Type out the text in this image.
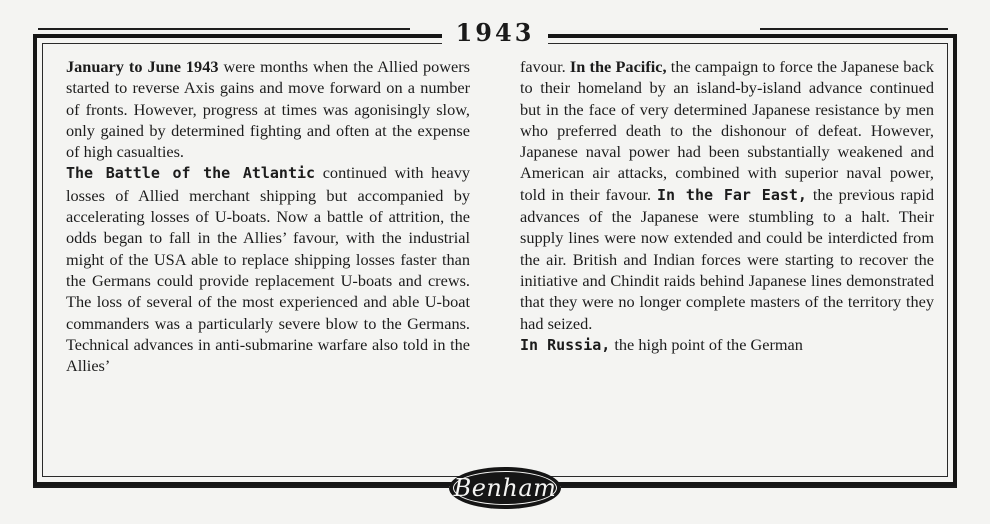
1943

January to June 1943 were months when the Allied powers started to reverse Axis gains and move forward on a number of fronts. However, progress at times was agonisingly slow, only gained by determined fighting and often at the expense of high casualties.

The Battle of the Atlantic continued with heavy losses of Allied merchant shipping but accompanied by accelerating losses of U-boats. Now a battle of attrition, the odds began to fall in the Allies’ favour, with the industrial might of the USA able to replace shipping losses faster than the Germans could provide replacement U-boats and crews. The loss of several of the most experienced and able U-boat commanders was a particularly severe blow to the Germans. Technical advances in anti-submarine warfare also told in the Allies’

favour. In the Pacific, the campaign to force the Japanese back to their homeland by an island-by-island advance continued but in the face of very determined Japanese resistance by men who preferred death to the dishonour of defeat. However, Japanese naval power had been substantially weakened and American air attacks, combined with superior naval power, told in their favour. In the Far East, the previous rapid advances of the Japanese were stumbling to a halt. Their supply lines were now extended and could be interdicted from the air. British and Indian forces were starting to recover the initiative and Chindit raids behind Japanese lines demonstrated that they were no longer complete masters of the territory they had seized.

In Russia, the high point of the German

Benham
